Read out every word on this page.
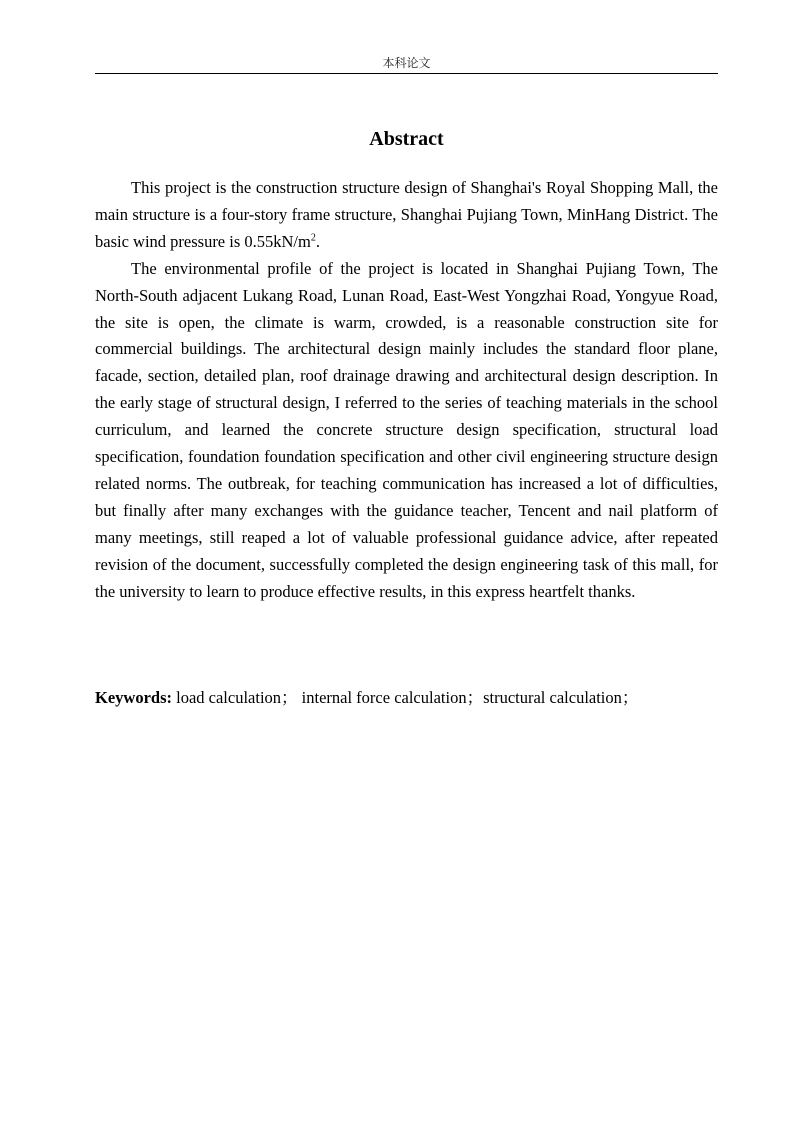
本科论文
Abstract

This project is the construction structure design of Shanghai's Royal Shopping Mall, the main structure is a four-story frame structure, Shanghai Pujiang Town, MinHang District. The basic wind pressure is $0.55kN/m^2$.

The environmental profile of the project is located in Shanghai Pujiang Town, The North-South adjacent Lukang Road, Lunan Road, East-West Yongzhai Road, Yongyue Road, the site is open, the climate is warm, crowded, is a reasonable construction site for commercial buildings. The architectural design mainly includes the standard floor plane, facade, section, detailed plan, roof drainage drawing and architectural design description. In the early stage of structural design, I referred to the series of teaching materials in the school curriculum, and learned the concrete structure design specification, structural load specification, foundation foundation specification and other civil engineering structure design related norms. The outbreak, for teaching communication has increased a lot of difficulties, but finally after many exchanges with the guidance teacher, Tencent and nail platform of many meetings, still reaped a lot of valuable professional guidance advice, after repeated revision of the document, successfully completed the design engineering task of this mall, for the university to learn to produce effective results, in this express heartfelt thanks.

Keywords: load calculation； internal force calculation；structural calculation；
